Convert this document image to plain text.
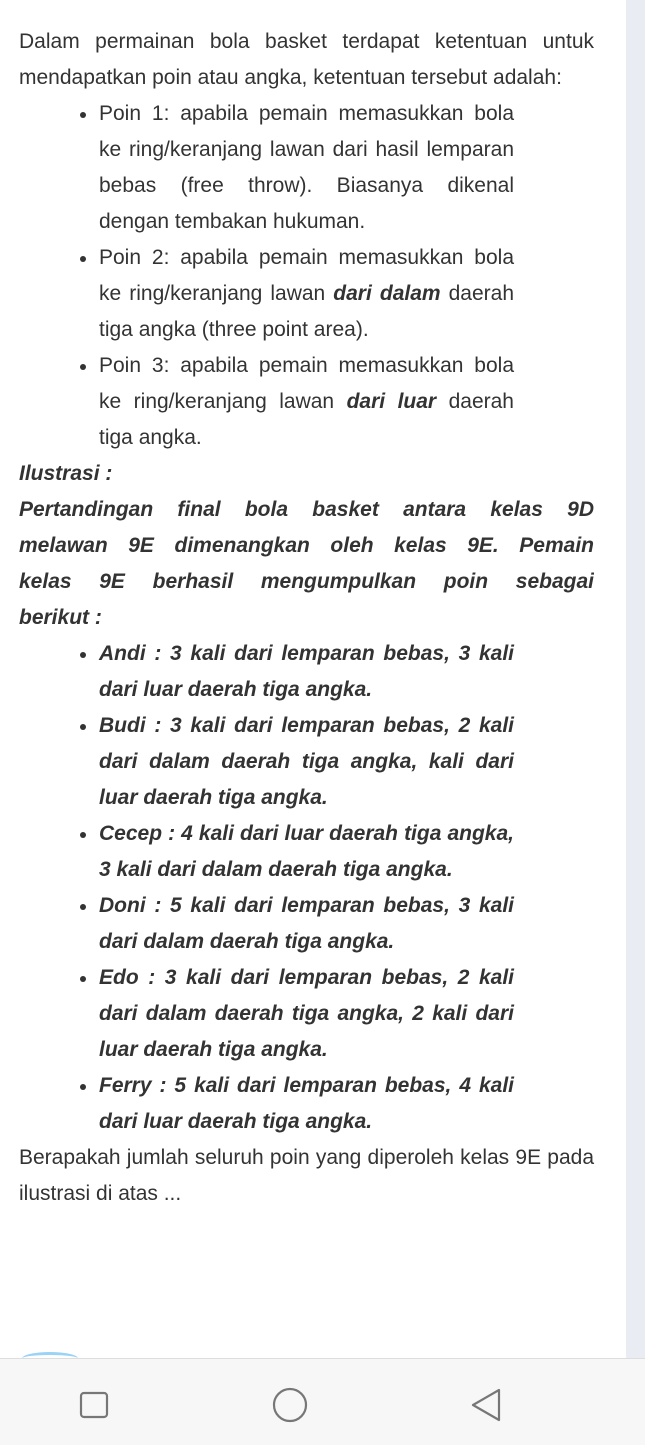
Dalam permainan bola basket terdapat ketentuan untuk mendapatkan poin atau angka, ketentuan tersebut adalah:

Poin 1: apabila pemain memasukkan bola ke ring/keranjang lawan dari hasil lemparan bebas (free throw). Biasanya dikenal dengan tembakan hukuman.
Poin 2: apabila pemain memasukkan bola ke ring/keranjang lawan dari dalam daerah tiga angka (three point area).
Poin 3: apabila pemain memasukkan bola ke ring/keranjang lawan dari luar daerah tiga angka.

Ilustrasi :

Pertandingan final bola basket antara kelas 9D
melawan 9E dimenangkan oleh kelas 9E. Pemain
kelas 9E berhasil mengumpulkan poin sebagai
berikut :
Andi : 3 kali dari lemparan bebas, 3 kali dari luar daerah tiga angka.
Budi : 3 kali dari lemparan bebas, 2 kali dari dalam daerah tiga angka, kali dari luar daerah tiga angka.
Cecep : 4 kali dari luar daerah tiga angka, 3 kali dari dalam daerah tiga angka.
Doni : 5 kali dari lemparan bebas, 3 kali dari dalam daerah tiga angka.
Edo : 3 kali dari lemparan bebas, 2 kali dari dalam daerah tiga angka, 2 kali dari luar daerah tiga angka.
Ferry : 5 kali dari lemparan bebas, 4 kali dari luar daerah tiga angka.

Berapakah jumlah seluruh poin yang diperoleh kelas 9E pada ilustrasi di atas ...
